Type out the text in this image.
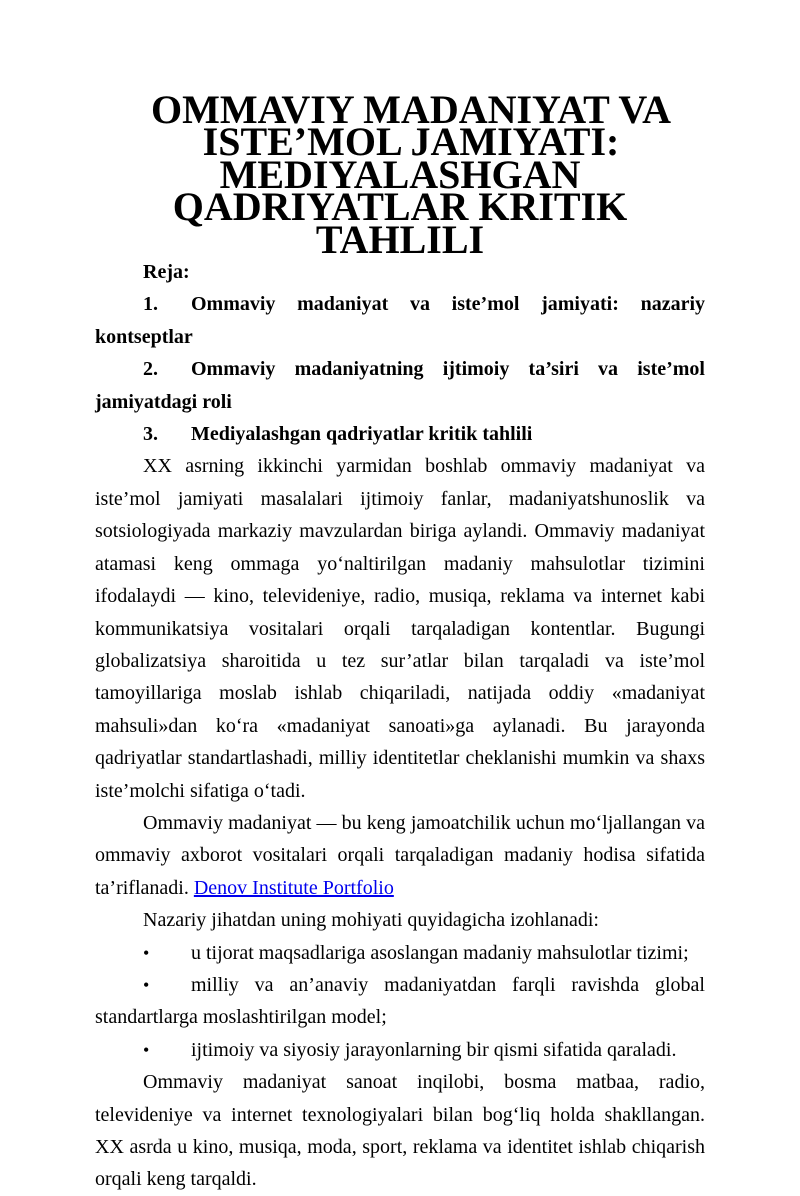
OMMAVIY MADANIYAT VA ISTE’MOL JAMIYATI:
MEDIYALASHGAN QADRIYATLAR KRITIK TAHLILI

Reja:

1. Ommaviy madaniyat va iste’mol jamiyati: nazariy kontseptlar

2. Ommaviy madaniyatning ijtimoiy ta’siri va iste’mol jamiyatdagi roli

3. Mediyalashgan qadriyatlar kritik tahlili

XX asrning ikkinchi yarmidan boshlab ommaviy madaniyat va iste’mol jamiyati masalalari ijtimoiy fanlar, madaniyatshunoslik va sotsiologiyada markaziy mavzulardan biriga aylandi. Ommaviy madaniyat atamasi keng ommaga yoʻnaltirilgan madaniy mahsulotlar tizimini ifodalaydi — kino, televideniye, radio, musiqa, reklama va internet kabi kommunikatsiya vositalari orqali tarqaladigan kontentlar. Bugungi globalizatsiya sharoitida u tez sur’atlar bilan tarqaladi va iste’mol tamoyillariga moslab ishlab chiqariladi, natijada oddiy «madaniyat mahsuli»dan koʻra «madaniyat sanoati»ga aylanadi. Bu jarayonda qadriyatlar standartlashadi, milliy identitetlar cheklanishi mumkin va shaxs iste’molchi sifatiga oʻtadi.

Ommaviy madaniyat — bu keng jamoatchilik uchun moʻljallangan va ommaviy axborot vositalari orqali tarqaladigan madaniy hodisa sifatida ta’riflanadi. Denov Institute Portfolio

Nazariy jihatdan uning mohiyati quyidagicha izohlanadi:

• u tijorat maqsadlariga asoslangan madaniy mahsulotlar tizimi;

• milliy va an’anaviy madaniyatdan farqli ravishda global standartlarga moslashtirilgan model;

• ijtimoiy va siyosiy jarayonlarning bir qismi sifatida qaraladi.

Ommaviy madaniyat sanoat inqilobi, bosma matbaa, radio, televideniye va internet texnologiyalari bilan bogʻliq holda shakllangan. XX asrda u kino, musiqa, moda, sport, reklama va identitet ishlab chiqarish orqali keng tarqaldi.
